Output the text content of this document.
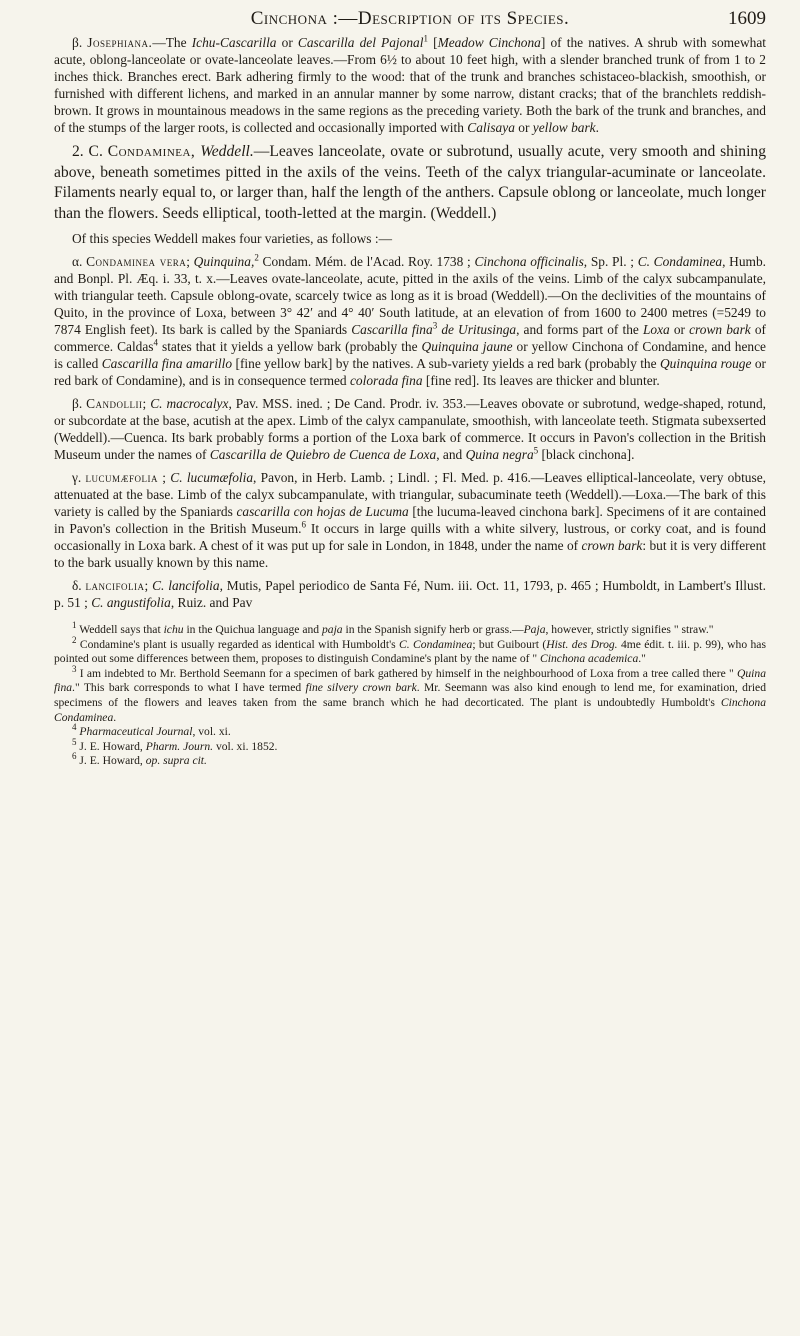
Cinchona :—Description of its Species.	1609

β. Josephiana.—The Ichu-Cascarilla or Cascarilla del Pajonal$^1$ [Meadow Cinchona] of the natives. A shrub with somewhat acute, oblong-lanceolate or ovate-lanceolate leaves.—From 6½ to about 10 feet high, with a slender branched trunk of from 1 to 2 inches thick. Branches erect. Bark adhering firmly to the wood: that of the trunk and branches schistaceo-blackish, smoothish, or furnished with different lichens, and marked in an annular manner by some narrow, distant cracks; that of the branchlets reddish-brown. It grows in mountainous meadows in the same regions as the preceding variety. Both the bark of the trunk and branches, and of the stumps of the larger roots, is collected and occasionally imported with Calisaya or yellow bark.

2. C. Condaminea, Weddell.—Leaves lanceolate, ovate or subrotund, usually acute, very smooth and shining above, beneath sometimes pitted in the axils of the veins. Teeth of the calyx triangular-acuminate or lanceolate. Filaments nearly equal to, or larger than, half the length of the anthers. Capsule oblong or lanceolate, much longer than the flowers. Seeds elliptical, tooth-letted at the margin. (Weddell.)

Of this species Weddell makes four varieties, as follows :—

α. Condaminea vera; Quinquina,$^2$ Condam. Mém. de l'Acad. Roy. 1738 ; Cinchona officinalis, Sp. Pl. ; C. Condaminea, Humb. and Bonpl. Pl. Æq. i. 33, t. x.—Leaves ovate-lanceolate, acute, pitted in the axils of the veins. Limb of the calyx subcampanulate, with triangular teeth. Capsule oblong-ovate, scarcely twice as long as it is broad (Weddell).—On the declivities of the mountains of Quito, in the province of Loxa, between 3° 42′ and 4° 40′ South latitude, at an elevation of from 1600 to 2400 metres (=5249 to 7874 English feet). Its bark is called by the Spaniards Cascarilla fina$^3$ de Uritusinga, and forms part of the Loxa or crown bark of commerce. Caldas$^4$ states that it yields a yellow bark (probably the Quinquina jaune or yellow Cinchona of Condamine, and hence is called Cascarilla fina amarillo [fine yellow bark] by the natives. A sub-variety yields a red bark (probably the Quinquina rouge or red bark of Condamine), and is in consequence termed colorada fina [fine red]. Its leaves are thicker and blunter.

β. Candollii; C. macrocalyx, Pav. MSS. ined. ; De Cand. Prodr. iv. 353.—Leaves obovate or subrotund, wedge-shaped, rotund, or subcordate at the base, acutish at the apex. Limb of the calyx campanulate, smoothish, with lanceolate teeth. Stigmata subexserted (Weddell).—Cuenca. Its bark probably forms a portion of the Loxa bark of commerce. It occurs in Pavon's collection in the British Museum under the names of Cascarilla de Quiebro de Cuenca de Loxa, and Quina negra$^5$ [black cinchona].

γ. lucumæfolia ; C. lucumæfolia, Pavon, in Herb. Lamb. ; Lindl. ; Fl. Med. p. 416.—Leaves elliptical-lanceolate, very obtuse, attenuated at the base. Limb of the calyx subcampanulate, with triangular, subacuminate teeth (Weddell).—Loxa.—The bark of this variety is called by the Spaniards cascarilla con hojas de Lucuma [the lucuma-leaved cinchona bark]. Specimens of it are contained in Pavon's collection in the British Museum.$^6$ It occurs in large quills with a white silvery, lustrous, or corky coat, and is found occasionally in Loxa bark. A chest of it was put up for sale in London, in 1848, under the name of crown bark: but it is very different to the bark usually known by this name.

δ. lancifolia; C. lancifolia, Mutis, Papel periodico de Santa Fé, Num. iii. Oct. 11, 1793, p. 465 ; Humboldt, in Lambert's Illust. p. 51 ; C. angustifolia, Ruiz. and Pav

$^1$ Weddell says that ichu in the Quichua language and paja in the Spanish signify herb or grass.—Paja, however, strictly signifies " straw."

$^2$ Condamine's plant is usually regarded as identical with Humboldt's C. Condaminea; but Guibourt (Hist. des Drog. 4me édit. t. iii. p. 99), who has pointed out some differences between them, proposes to distinguish Condamine's plant by the name of " Cinchona academica."

$^3$ I am indebted to Mr. Berthold Seemann for a specimen of bark gathered by himself in the neighbourhood of Loxa from a tree called there " Quina fina." This bark corresponds to what I have termed fine silvery crown bark. Mr. Seemann was also kind enough to lend me, for examination, dried specimens of the flowers and leaves taken from the same branch which he had decorticated. The plant is undoubtedly Humboldt's Cinchona Condaminea.

$^4$ Pharmaceutical Journal, vol. xi.

$^5$ J. E. Howard, Pharm. Journ. vol. xi. 1852.

$^6$ J. E. Howard, op. supra cit.
